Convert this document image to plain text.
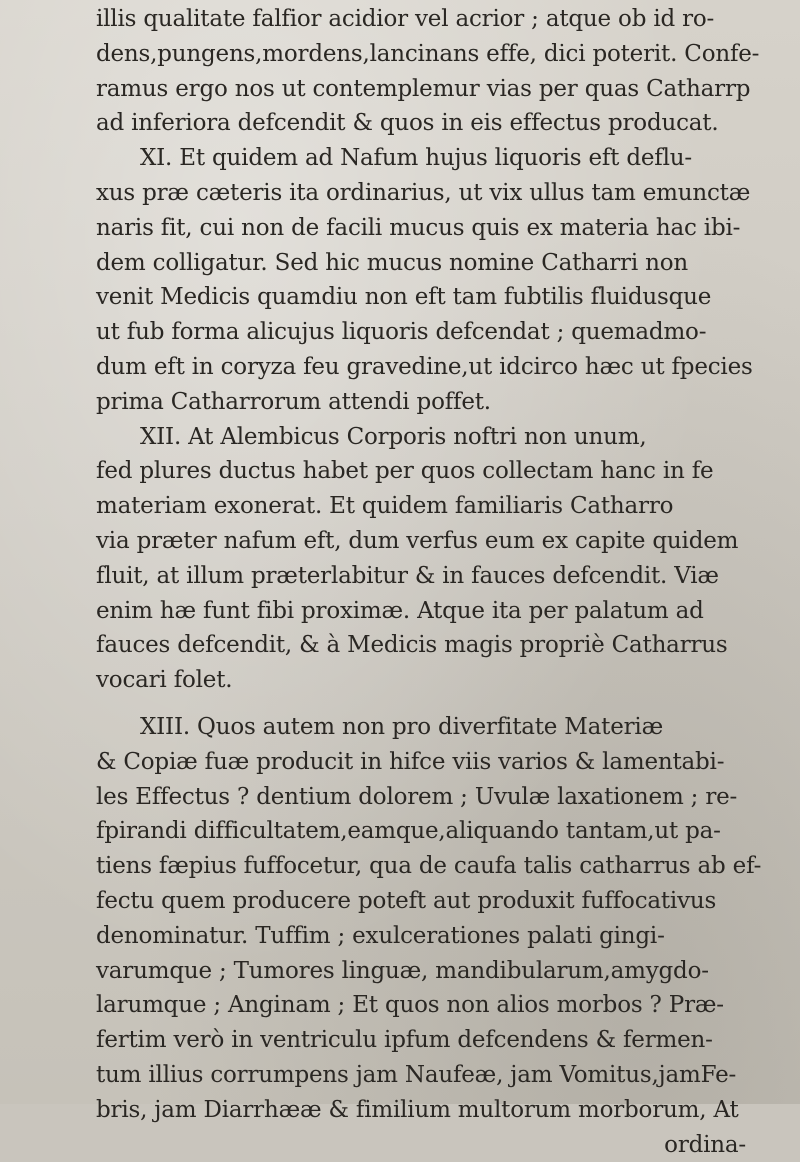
illis qualitate falfior acidior vel acrior ; atque ob id ro-
dens,pungens,mordens,lancinans effe, dici poterit. Confe-
ramus ergo nos ut contemplemur vias per quas Catharrp
ad inferiora defcendit & quos in eis effectus producat.
XI. Et quidem ad Nafum hujus liquoris eft deflu-
xus præ cæteris ita ordinarius, ut vix ullus tam emunctæ
naris fit, cui non de facili mucus quis ex materia hac ibi-
dem colligatur. Sed hic mucus nomine Catharri non
venit Medicis quamdiu non eft tam fubtilis fluidusque
ut fub forma alicujus liquoris defcendat ; quemadmo-
dum eft in coryza feu gravedine,ut idcirco hæc ut fpecies
prima Catharrorum attendi poffet.
XII. At Alembicus Corporis noftri non unum,
fed plures ductus habet per quos collectam hanc in fe
materiam exonerat. Et quidem familiaris Catharro
via præter nafum eft, dum verfus eum ex capite quidem
fluit, at illum præterlabitur & in fauces defcendit. Viæ
enim hæ funt fibi proximæ. Atque ita per palatum ad
fauces defcendit, & à Medicis magis propriè Catharrus
vocari folet.
XIII. Quos autem non pro diverfitate Materiæ
& Copiæ fuæ producit in hifce viis varios & lamentabi-
les Effectus ? dentium dolorem ; Uvulæ laxationem ; re-
fpirandi difficultatem,eamque,aliquando tantam,ut pa-
tiens fæpius fuffocetur, qua de caufa talis catharrus ab ef-
fectu quem producere poteft aut produxit fuffocativus
denominatur. Tuffim ; exulcerationes palati gingi-
varumque ; Tumores linguæ, mandibularum,amygdo-
larumque ; Anginam ; Et quos non alios morbos ? Præ-
fertim verò in ventriculu ipfum defcendens & fermen-
tum illius corrumpens jam Naufeæ, jam Vomitus,jamFe-
bris, jam Diarrhææ & fimilium multorum morborum, At
ordina-
